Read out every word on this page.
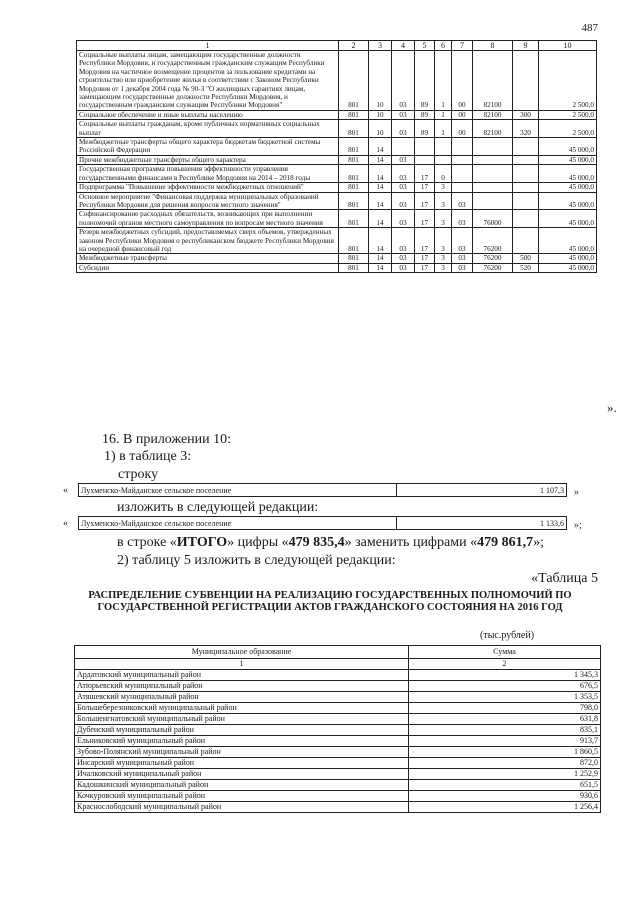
487
1	2	3	4	5	6	7	8	9	10
Социальные выплаты лицам, замещающим государственные должности Республики Мордовия, и государственным гражданским служащим Республики Мордовия на частичное возмещение процентов за пользование кредитами на строительство или приобретение жилья в соответствии с Законом Республики Мордовия от 1 декабря 2004 года № 90-З "О жилищных гарантиях лицам, замещающим государственные должности Республики Мордовия, и государственным гражданским служащим Республики Мордовия"	801	10	03	89	1	00	82100		2 500,0
Социальное обеспечение и иные выплаты населению	801	10	03	89	1	00	82100	300	2 500,0
Социальные выплаты гражданам, кроме публичных нормативных социальных выплат	801	10	03	89	1	00	82100	320	2 500,0
Межбюджетные трансферты общего характера бюджетам бюджетной системы Российской Федерации	801	14							45 000,0
Прочие межбюджетные трансферты общего характера	801	14	03						45 000,0
Государственная программа повышения эффективности управления государственными финансами в Республике Мордовия на 2014 – 2018 годы	801	14	03	17	0				45 000,0
Подпрограмма "Повышение эффективности межбюджетных отношений"	801	14	03	17	3				45 000,0
Основное мероприятие "Финансовая поддержка муниципальных образований Республики Мордовия для решения вопросов местного значения"	801	14	03	17	3	03			45 000,0
Софинансирование расходных обязательств, возникающих при выполнении полномочий органов местного самоуправления по вопросам местного значения	801	14	03	17	3	03	76000		45 000,0
Резерв межбюджетных субсидий, предоставляемых сверх объемов, утвержденных законом Республики Мордовия о республиканском бюджете Республики Мордовия на очередной финансовый год	801	14	03	17	3	03	76200		45 000,0
Межбюджетные трансферты	801	14	03	17	3	03	76200	500	45 000,0
Субсидии	801	14	03	17	3	03	76200	520	45 000,0
».
16. В приложении 10:
1) в таблице 3:
строку
« Лухменско-Майданское сельское поселение	1 107,3 »
изложить в следующей редакции:
« Лухменско-Майданское сельское поселение	1 133,6 »;
в строке «ИТОГО» цифры «479 835,4» заменить цифрами «479 861,7»;
2) таблицу 5 изложить в следующей редакции:
«Таблица 5
РАСПРЕДЕЛЕНИЕ СУБВЕНЦИИ НА РЕАЛИЗАЦИЮ ГОСУДАРСТВЕННЫХ ПОЛНОМОЧИЙ ПО ГОСУДАРСТВЕННОЙ РЕГИСТРАЦИИ АКТОВ ГРАЖДАНСКОГО СОСТОЯНИЯ НА 2016 ГОД
(тыс.рублей)
Муниципальное образование	Сумма
1	2
Ардатовский муниципальный район	1 345,3
Атюрьевский муниципальный район	676,5
Атяшевский муниципальный район	1 353,5
Большеберезниковский муниципальный район	798,0
Большеигнатовский муниципальный район	631,8
Дубенский муниципальный район	835,1
Ельниковский муниципальный район	913,7
Зубово-Полянский муниципальный район	1 860,5
Инсарский муниципальный район	872,0
Ичалковский муниципальный район	1 252,9
Кадошкинский муниципальный район	651,5
Кочкуровский муниципальный район	930,6
Краснослободский муниципальный район	1 256,4
